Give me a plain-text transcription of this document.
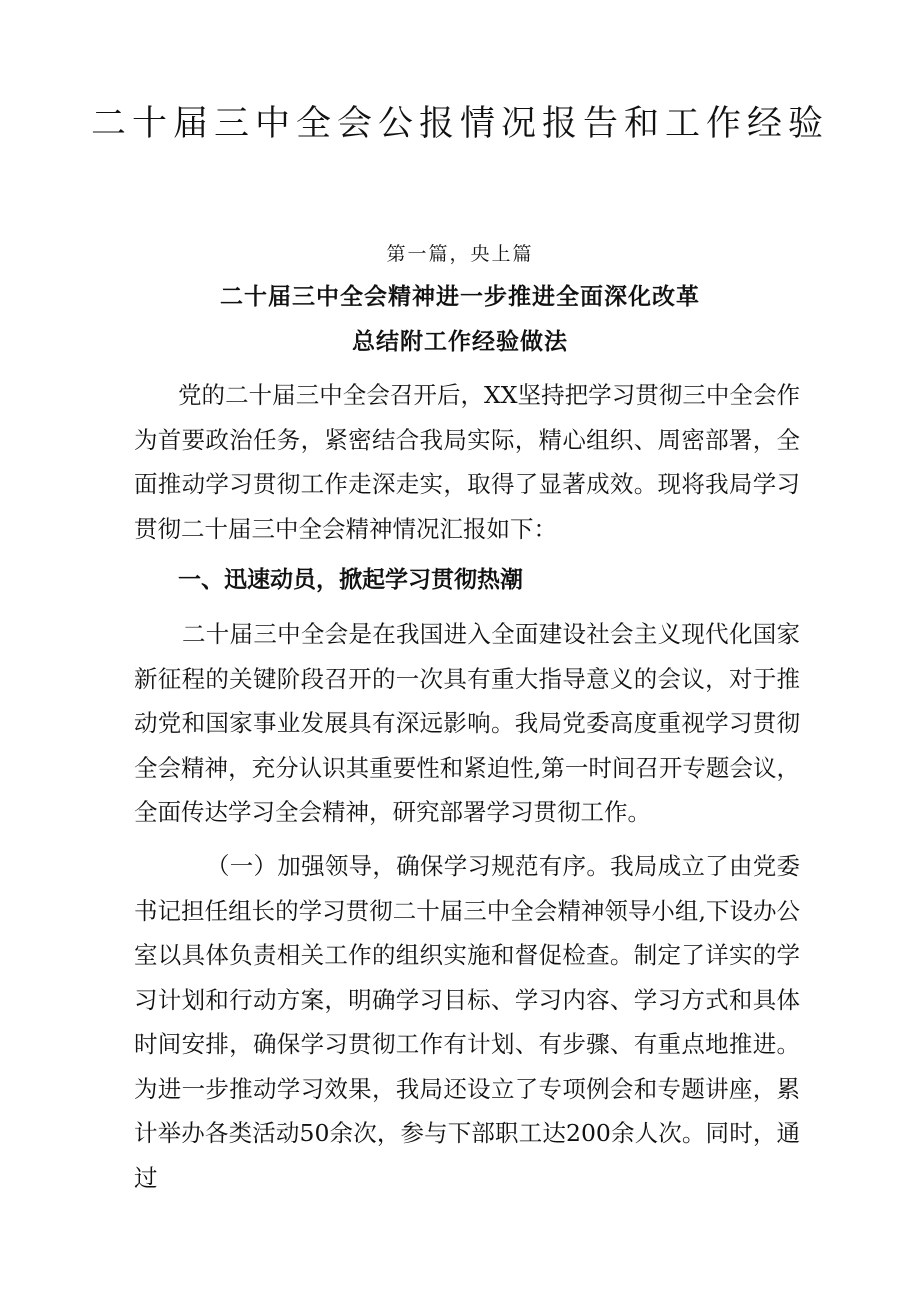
二十届三中全会公报情况报告和工作经验
第一篇，央上篇
二十届三中全会精神进一步推进全面深化改革
总结附工作经验做法

党的二十届三中全会召开后，XX坚持把学习贯彻三中全会作为首要政治任务，紧密结合我局实际，精心组织、周密部署，全面推动学习贯彻工作走深走实，取得了显著成效。现将我局学习贯彻二十届三中全会精神情况汇报如下：

一、迅速动员，掀起学习贯彻热潮

二十届三中全会是在我国进入全面建设社会主义现代化国家新征程的关键阶段召开的一次具有重大指导意义的会议，对于推动党和国家事业发展具有深远影响。我局党委高度重视学习贯彻全会精神，充分认识其重要性和紧迫性,第一时间召开专题会议，全面传达学习全会精神，研究部署学习贯彻工作。

（一）加强领导，确保学习规范有序。我局成立了由党委书记担任组长的学习贯彻二十届三中全会精神领导小组,下设办公室以具体负责相关工作的组织实施和督促检查。制定了详实的学习计划和行动方案，明确学习目标、学习内容、学习方式和具体时间安排，确保学习贯彻工作有计划、有步骤、有重点地推进。为进一步推动学习效果，我局还设立了专项例会和专题讲座，累计举办各类活动50余次，参与下部职工达200余人次。同时，通过
